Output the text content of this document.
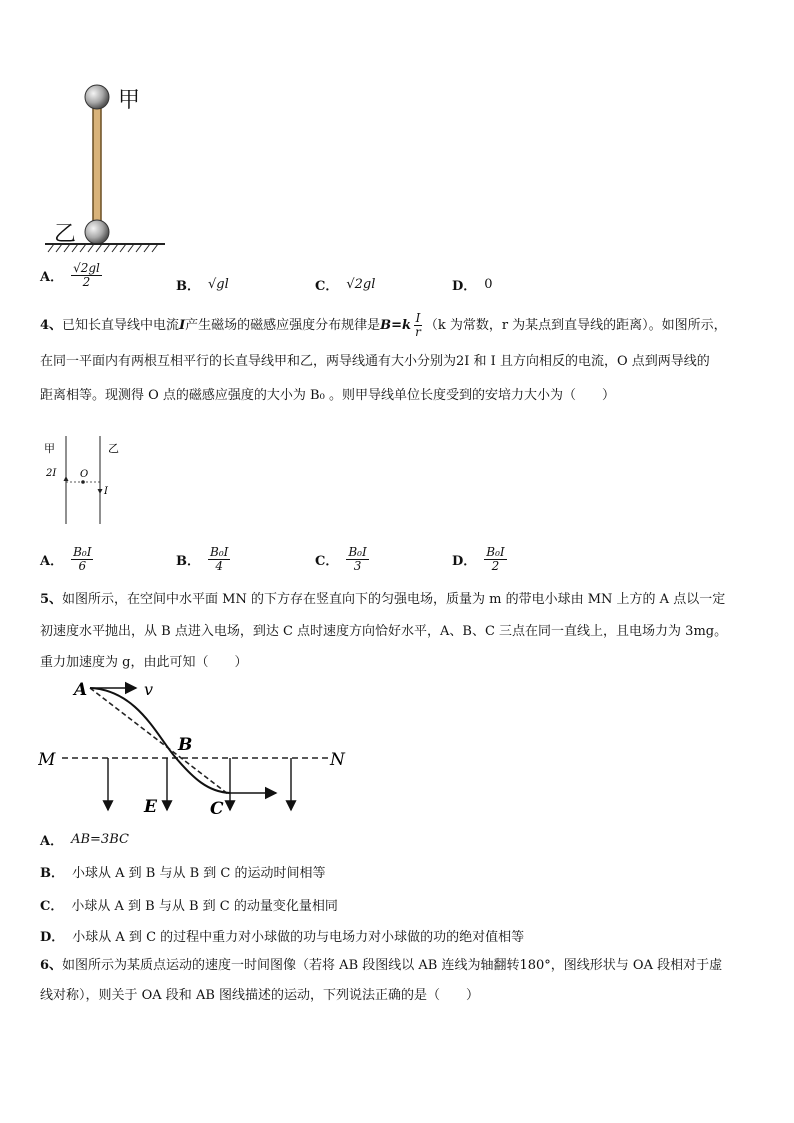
甲
乙
A． $\frac{√2gl}{2}$	B． √gl	C． √2gl	D． 0
4、 已知长直导线中电流 I 产生磁场的磁感应强度分布规律是 $B=k \frac{I}{r} (k$ 为常数，r 为某点到直导线的距离）。如图所示，
在同一平面内有两根互相平行的长直导线甲和乙，两导线通有大小分别为2I 和 I 且方向相反的电流，O 点到两导线的
距离相等。现测得 O 点的磁感应强度的大小为 B₀ 。则甲导线单位长度受到的安培力大小为（　　）
甲	乙
2I O
I
A． $\frac{\text{B₀I}}{6}$	B． $\frac{\text{B₀I}}{4}$	C． $\frac{\text{B₀I}}{3}$	D． $\frac{\text{B₀I}}{2}$
5、如图所示，在空间中水平面 MN 的下方存在竖直向下的匀强电场，质量为 m 的带电小球由 MN 上方的 A 点以一定
初速度水平抛出，从 B 点进入电场，到达 C 点时速度方向恰好水平，A、B、C 三点在同一直线上，且电场力为 3mg。
重力加速度为 g，由此可知（　　）
A	v
B
M	N
E	C
A． AB=3BC
B． 小球从 A 到 B 与从 B 到 C 的运动时间相等
C． 小球从 A 到 B 与从 B 到 C 的动量变化量相同
D． 小球从 A 到 C 的过程中重力对小球做的功与电场力对小球做的功的绝对值相等
6、如图所示为某质点运动的速度一时间图像（若将 AB 段图线以 AB 连线为轴翻转180°，图线形状与 OA 段相对于虚
线对称），则关于 OA 段和 AB 图线描述的运动，下列说法正确的是（　　）
